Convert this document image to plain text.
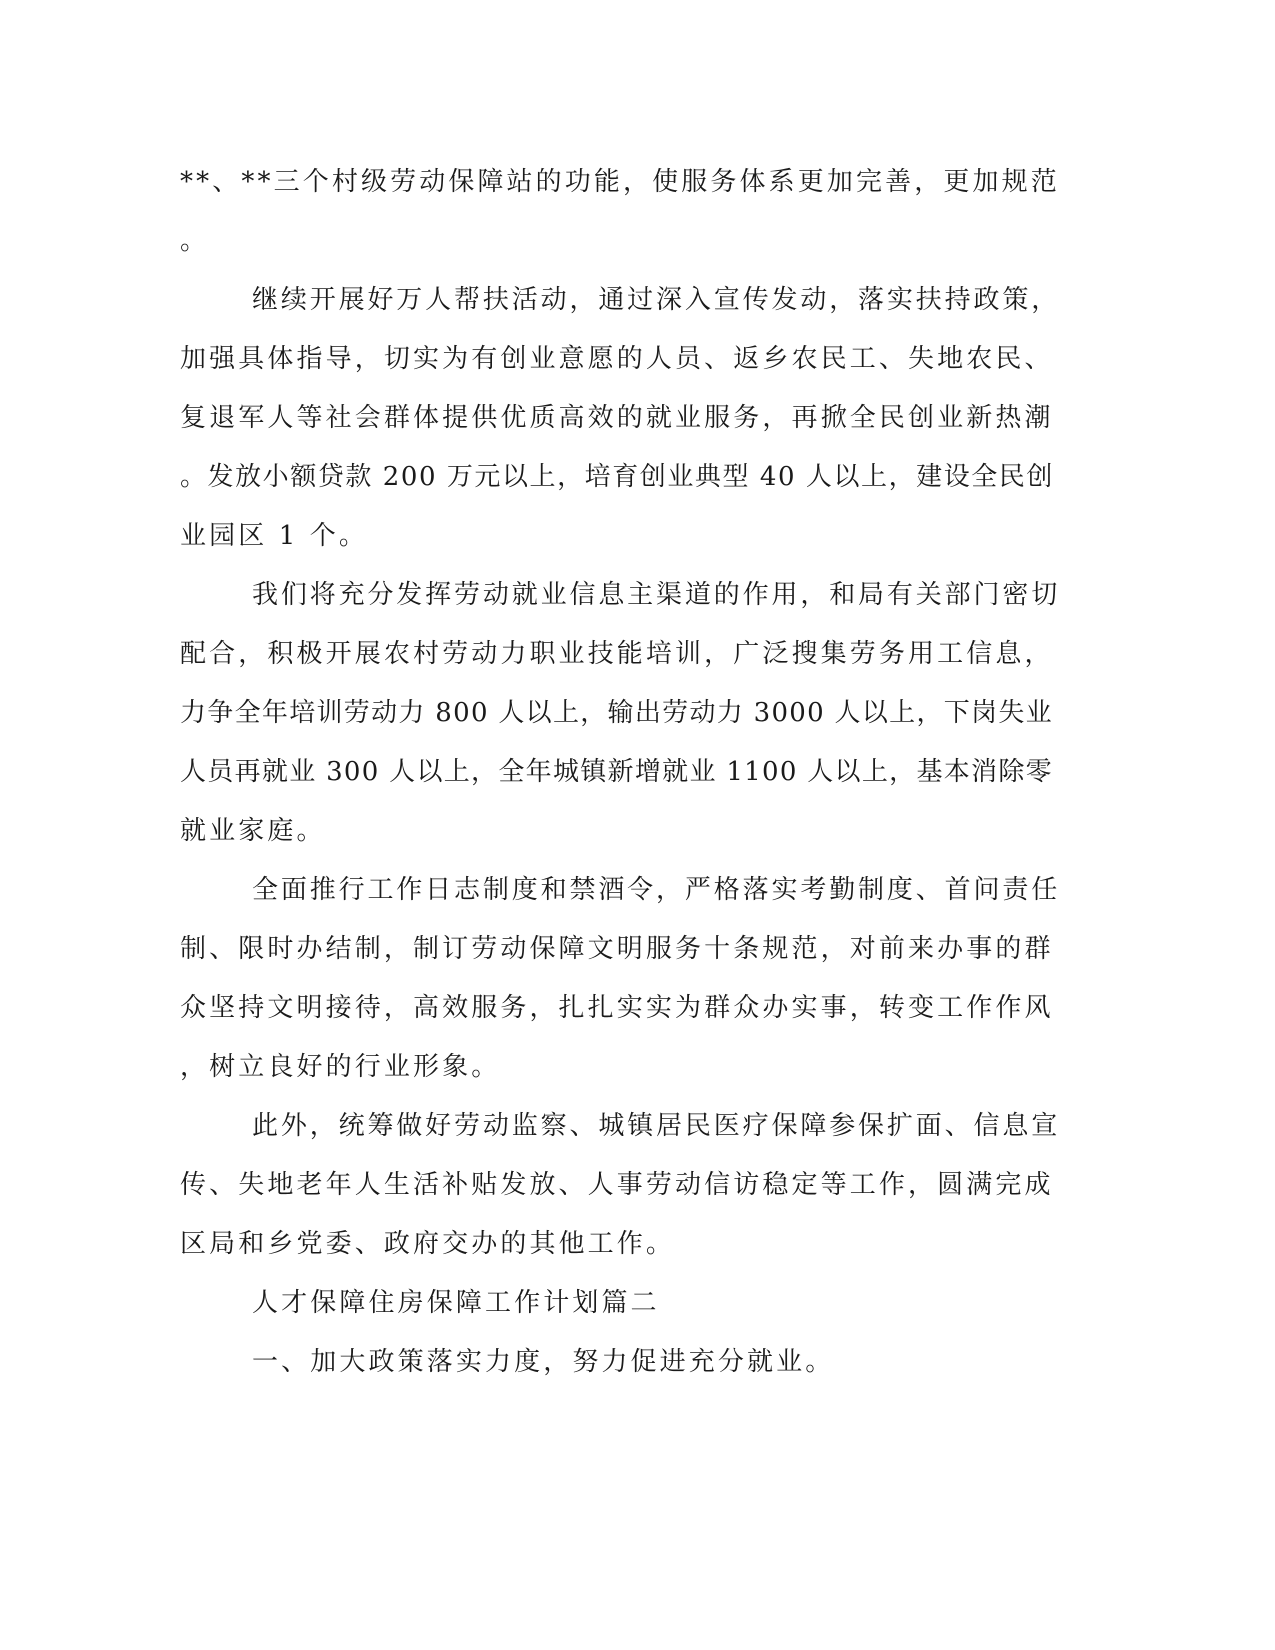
**、**三个村级劳动保障站的功能，使服务体系更加完善，更加规范
。
继续开展好万人帮扶活动，通过深入宣传发动，落实扶持政策，
加强具体指导，切实为有创业意愿的人员、返乡农民工、失地农民、
复退军人等社会群体提供优质高效的就业服务，再掀全民创业新热潮
。发放小额贷款 200 万元以上，培育创业典型 40 人以上，建设全民创
业园区 1 个。
我们将充分发挥劳动就业信息主渠道的作用，和局有关部门密切
配合，积极开展农村劳动力职业技能培训，广泛搜集劳务用工信息，
力争全年培训劳动力 800 人以上，输出劳动力 3000 人以上，下岗失业
人员再就业 300 人以上，全年城镇新增就业 1100 人以上，基本消除零
就业家庭。
全面推行工作日志制度和禁酒令，严格落实考勤制度、首问责任
制、限时办结制，制订劳动保障文明服务十条规范，对前来办事的群
众坚持文明接待，高效服务，扎扎实实为群众办实事，转变工作作风
，树立良好的行业形象。
此外，统筹做好劳动监察、城镇居民医疗保障参保扩面、信息宣
传、失地老年人生活补贴发放、人事劳动信访稳定等工作，圆满完成
区局和乡党委、政府交办的其他工作。
人才保障住房保障工作计划篇二
一、加大政策落实力度，努力促进充分就业。
